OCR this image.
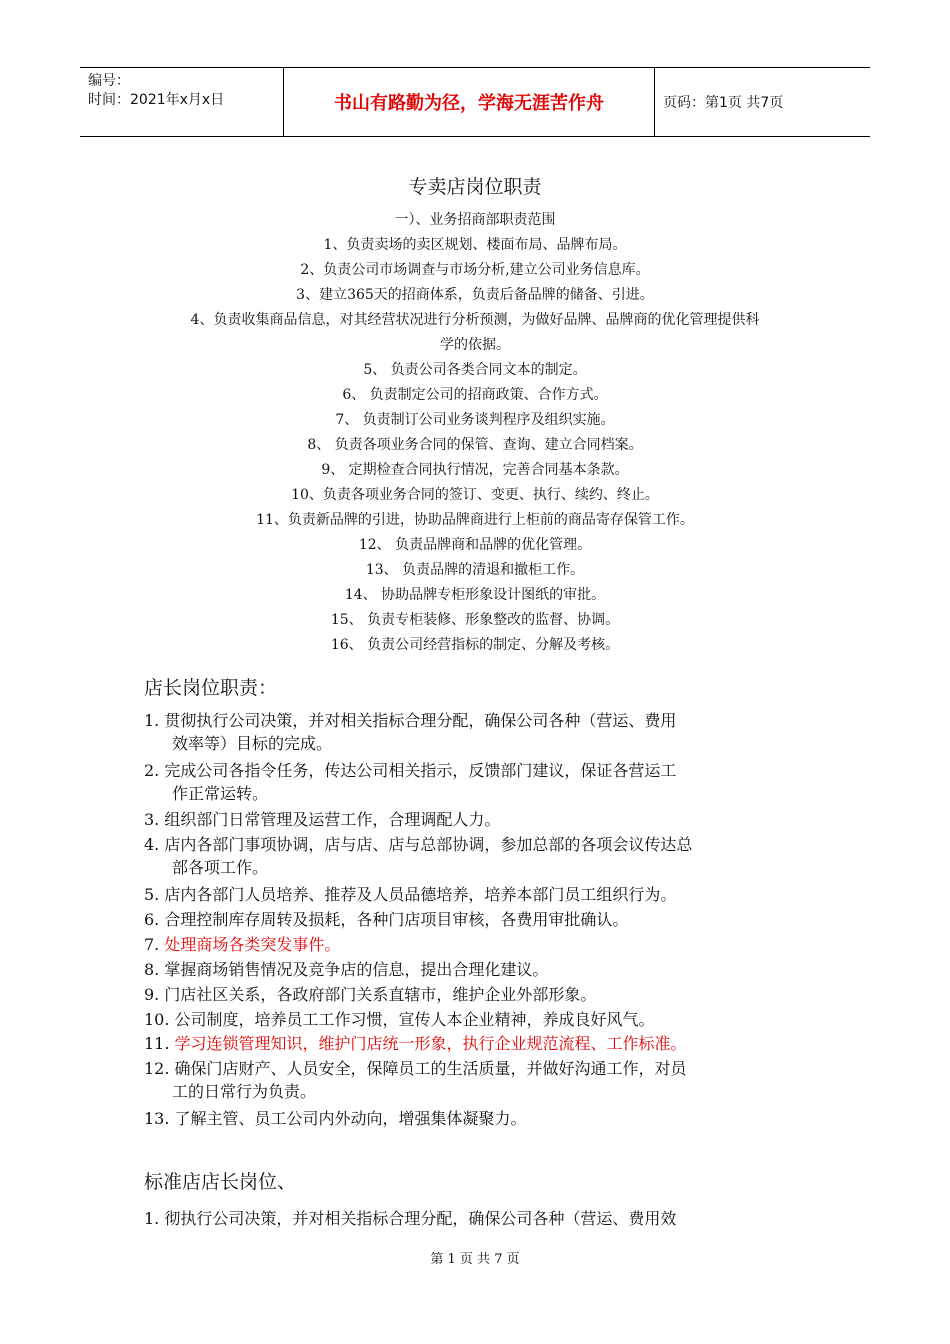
编号：
时间：2021年x月x日	书山有路勤为径，学海无涯苦作舟	页码：第1页 共7页
专卖店岗位职责
一）、业务招商部职责范围
1、负责卖场的卖区规划、楼面布局、品牌布局。
2、负责公司市场调查与市场分析,建立公司业务信息库。
3、建立365天的招商体系，负责后备品牌的储备、引进。
4、负责收集商品信息，对其经营状况进行分析预测，为做好品牌、品牌商的优化管理提供科
学的依据。
5、 负责公司各类合同文本的制定。
6、 负责制定公司的招商政策、合作方式。
7、 负责制订公司业务谈判程序及组织实施。
8、 负责各项业务合同的保管、查询、建立合同档案。
9、 定期检查合同执行情况，完善合同基本条款。
10、负责各项业务合同的签订、变更、执行、续约、终止。
11、负责新品牌的引进，协助品牌商进行上柜前的商品寄存保管工作。
12、 负责品牌商和品牌的优化管理。
13、 负责品牌的清退和撤柜工作。
14、 协助品牌专柜形象设计图纸的审批。
15、 负责专柜装修、形象整改的监督、协调。
16、 负责公司经营指标的制定、分解及考核。
店长岗位职责：
1. 贯彻执行公司决策，并对相关指标合理分配，确保公司各种（营运、费用
效率等）目标的完成。
2. 完成公司各指令任务，传达公司相关指示，反馈部门建议，保证各营运工
作正常运转。
3. 组织部门日常管理及运营工作，合理调配人力。
4. 店内各部门事项协调，店与店、店与总部协调，参加总部的各项会议传达总
部各项工作。
5. 店内各部门人员培养、推荐及人员品德培养，培养本部门员工组织行为。
6. 合理控制库存周转及损耗，各种门店项目审核，各费用审批确认。
7. 处理商场各类突发事件。
8. 掌握商场销售情况及竞争店的信息，提出合理化建议。
9. 门店社区关系，各政府部门关系直辖市，维护企业外部形象。
10. 公司制度，培养员工工作习惯，宣传人本企业精神，养成良好风气。
11. 学习连锁管理知识，维护门店统一形象，执行企业规范流程、工作标准。
12. 确保门店财产、人员安全，保障员工的生活质量，并做好沟通工作，对员
工的日常行为负责。
13. 了解主管、员工公司内外动向，增强集体凝聚力。
标准店店长岗位、
1. 彻执行公司决策，并对相关指标合理分配，确保公司各种（营运、费用效
第 1 页 共 7 页
